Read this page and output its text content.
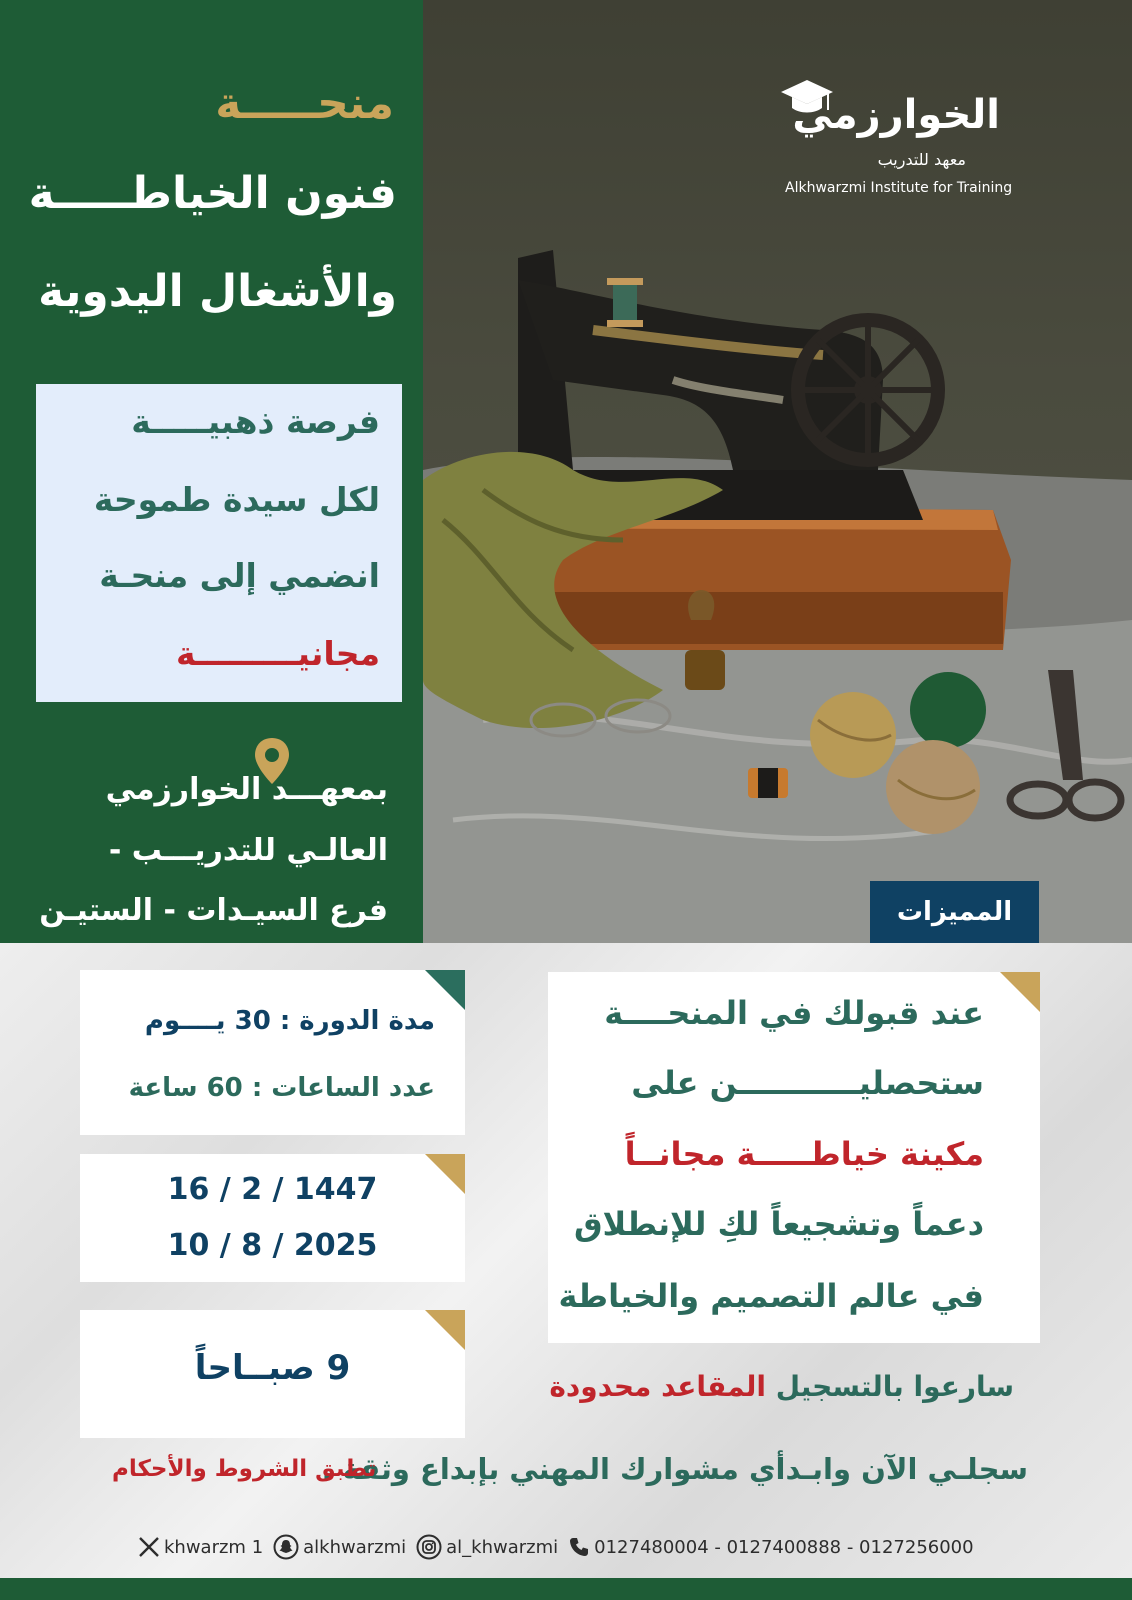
منحـــــة
فنون الخياطـــــة
والأشغال اليدوية
فرصة ذهبيـــــة
لكل سيدة طموحة
انضمي إلى منحـة
مجانيـــــــــة
بمعهـــد الخوارزمي
العالـي للتدريـــب -
فرع السيـدات - الستيـن
الخوارزمي
معهد للتدريب
Alkhwarzmi Institute for Training
المميزات
مدة الدورة : 30 يــــوم
عدد الساعات : 60 ساعة
16 / 2 / 1447
10 / 8 / 2025
9 صبــاحاً
عند قبولك في المنحــــة
ستحصليـــــــــــن على
مكينة خياطـــــة مجانــاً
دعماً وتشجيعاً لكِ للإنطلاق
في عالم التصميم والخياطة
سارعوا بالتسجيل المقاعد محدودة
سجلـي الآن وابـدأي مشوارك المهني بإبداع وثقة .
تطبق الشروط والأحكام
khwarzm 1 alkhwarzmi al_khwarzmi 0127480004 - 0127400888 - 0127256000
